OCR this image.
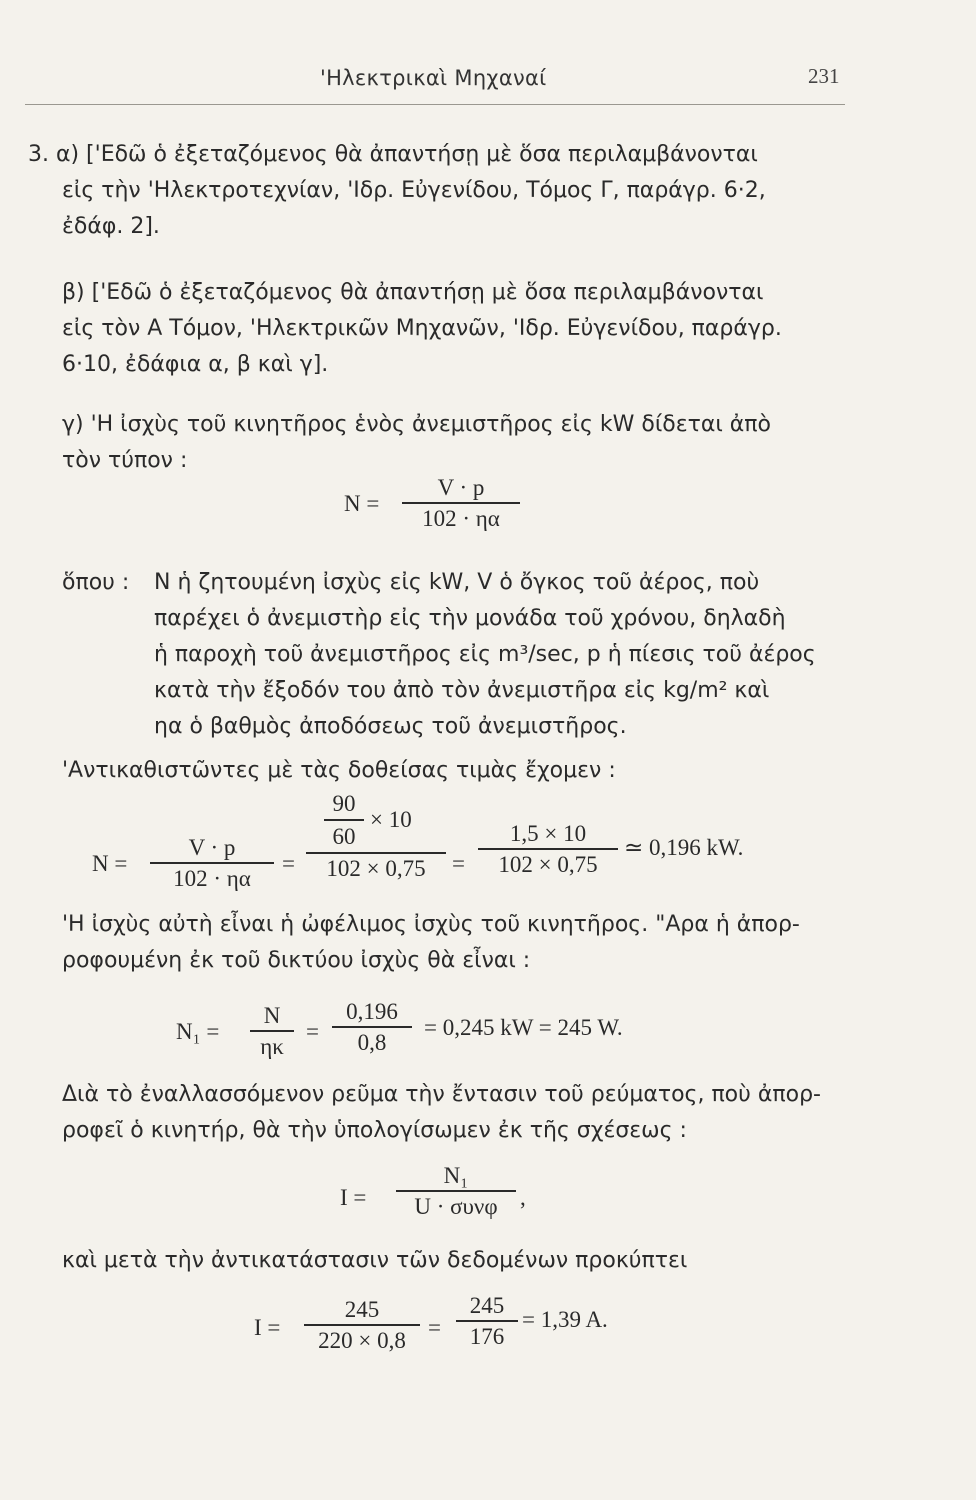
'Ηλεκτρικαὶ Μηχαναί	231
3. α) ['Εδῶ ὁ ἐξεταζόμενος θὰ ἀπαντήσῃ μὲ ὅσα περιλαμβάνονται
εἰς τὴν 'Ηλεκτροτεχνίαν, 'Ιδρ. Εὐγενίδου, Τόμος Γ, παράγρ. 6·2,
ἐδάφ. 2].
β) ['Εδῶ ὁ ἐξεταζόμενος θὰ ἀπαντήσῃ μὲ ὅσα περιλαμβάνονται
εἰς τὸν Α Τόμον, 'Ηλεκτρικῶν Μηχανῶν, 'Ιδρ. Εὐγενίδου, παράγρ.
6·10, ἐδάφια α, β καὶ γ].
γ) 'Η ἰσχὺς τοῦ κινητῆρος ἑνὸς ἀνεμιστῆρος εἰς kW δίδεται ἀπὸ
τὸν τύπον :
N =
V · p
102 · ηα
ὅπου : N ἡ ζητουμένη ἰσχὺς εἰς kW, V ὁ ὄγκος τοῦ ἀέρος, ποὺ
παρέχει ὁ ἀνεμιστὴρ εἰς τὴν μονάδα τοῦ χρόνου, δηλαδὴ
ἡ παροχὴ τοῦ ἀνεμιστῆρος εἰς m³/sec, p ἡ πίεσις τοῦ ἀέρος
κατὰ τὴν ἔξοδόν του ἀπὸ τὸν ἀνεμιστῆρα εἰς kg/m² καὶ
ηα ὁ βαθμὸς ἀποδόσεως τοῦ ἀνεμιστῆρος.
'Αντικαθιστῶντες μὲ τὰς δοθείσας τιμὰς ἔχομεν :
N =
V · p
102 · ηα
=
90
60
× 10
102 × 0,75	=
1,5 × 10
102 × 0,75
≃ 0,196 kW.
'Η ἰσχὺς αὐτὴ εἶναι ἡ ὠφέλιμος ἰσχὺς τοῦ κινητῆρος. "Αρα ἡ ἀπορ-
ροφουμένη ἐκ τοῦ δικτύου ἰσχὺς θὰ εἶναι :
N₁ =
N
ηκ
=
0,196
0,8
= 0,245 kW = 245 W.
Διὰ τὸ ἐναλλασσόμενον ρεῦμα τὴν ἔντασιν τοῦ ρεύματος, ποὺ ἀπορ-
ροφεῖ ὁ κινητήρ, θὰ τὴν ὑπολογίσωμεν ἐκ τῆς σχέσεως :
I =
N₁
U · συνφ ,
καὶ μετὰ τὴν ἀντικατάστασιν τῶν δεδομένων προκύπτει
I =
245
220 × 0,8 =
245
176
= 1,39 A.
